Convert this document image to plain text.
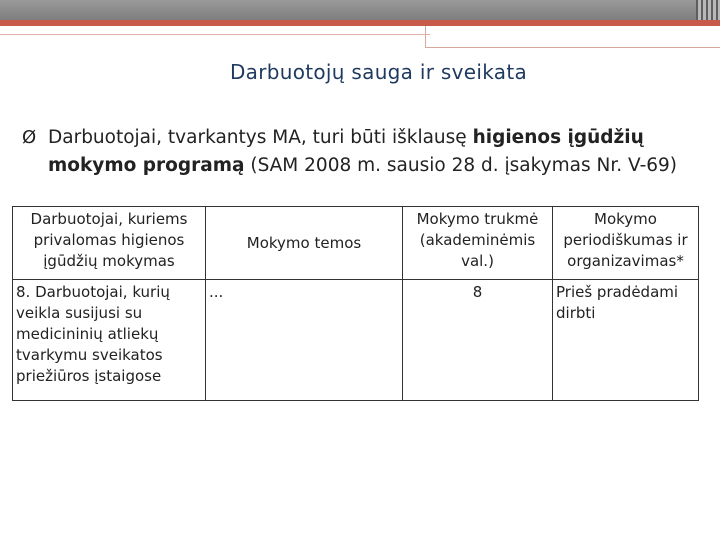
Darbuotojų sauga ir sveikata
Ø Darbuotojai, tvarkantys MA, turi būti išklausę higienos įgūdžių mokymo programą (SAM 2008 m. sausio 28 d. įsakymas Nr. V-69)
Darbuotojai, kuriems privalomas higienos įgūdžių mokymas	Mokymo temos	Mokymo trukmė (akademinėmis val.)	Mokymo periodiškumas ir organizavimas*
8. Darbuotojai, kurių veikla susijusi su medicininių atliekų tvarkymu sveikatos priežiūros įstaigose	...	8	Prieš pradėdami dirbti
